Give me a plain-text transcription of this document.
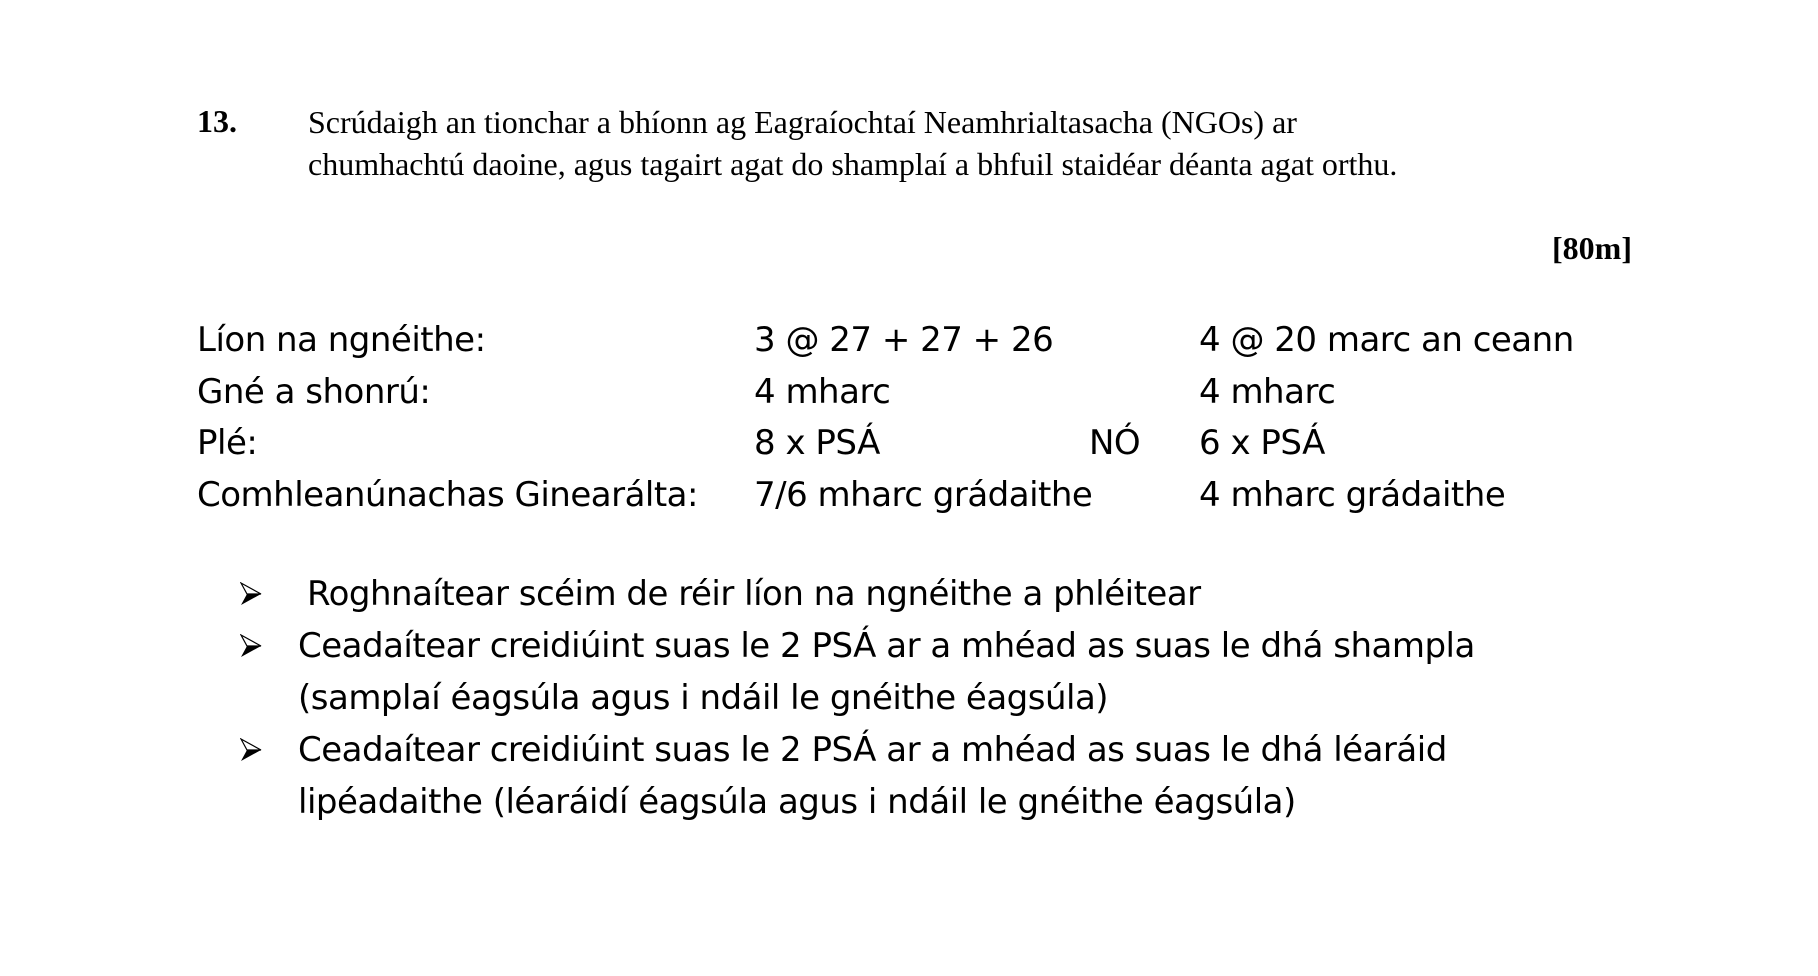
13. Scrúdaigh an tionchar a bhíonn ag Eagraíochtaí Neamhrialtasacha (NGOs) ar
chumhachtú daoine, agus tagairt agat do shamplaí a bhfuil staidéar déanta agat orthu.
[80m]
Líon na ngnéithe:	3 @ 27 + 27 + 26	4 @ 20 marc an ceann
Gné a shonrú:	4 mharc	4 mharc
Plé:	8 x PSÁ	NÓ 6 x PSÁ
Comhleanúnachas Ginearálta: 7/6 mharc grádaithe	4 mharc grádaithe
Roghnaítear scéim de réir líon na ngnéithe a phléitear
Ceadaítear creidiúint suas le 2 PSÁ ar a mhéad as suas le dhá shampla
(samplaí éagsúla agus i ndáil le gnéithe éagsúla)
Ceadaítear creidiúint suas le 2 PSÁ ar a mhéad as suas le dhá léaráid
lipéadaithe (léaráidí éagsúla agus i ndáil le gnéithe éagsúla)
